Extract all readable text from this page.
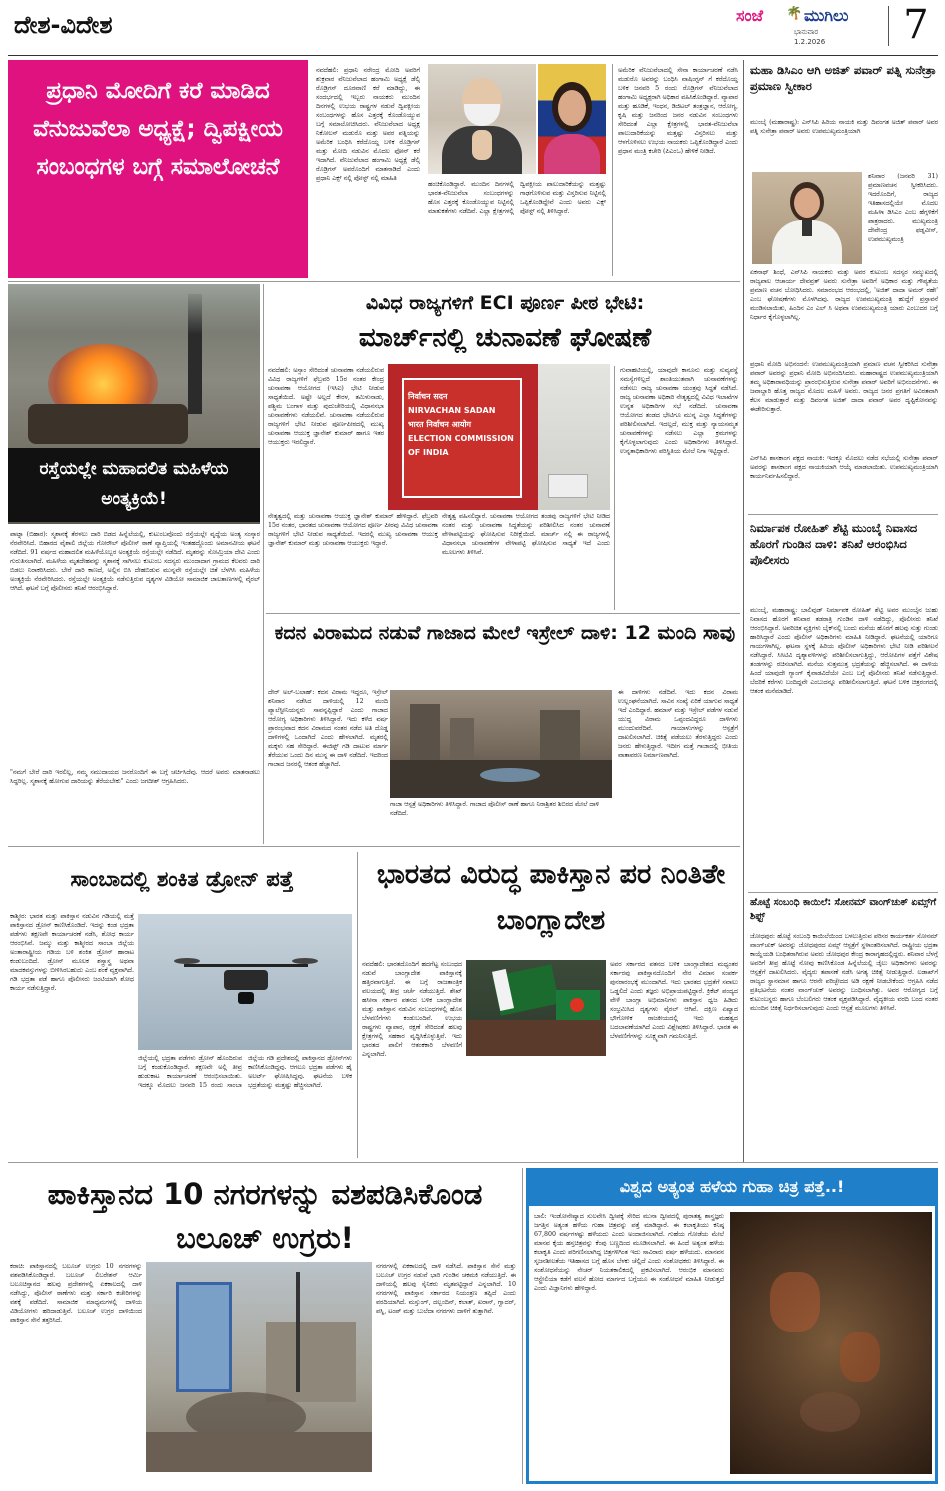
ದೇಶ-ವಿದೇಶ	ಸಂಜೆ 🌴 ಮುಗಿಲು
ಭಾನುವಾರ
1.2.2026 7
ಪ್ರಧಾನಿ ಮೋದಿಗೆ ಕರೆ ಮಾಡಿದ ವೆನುಜುವೆಲಾ ಅಧ್ಯಕ್ಷೆ; ದ್ವಿಪಕ್ಷೀಯ ಸಂಬಂಧಗಳ ಬಗ್ಗೆ ಸಮಾಲೋಚನೆ
ನವದೆಹಲಿ: ಪ್ರಧಾನಿ ನರೇಂದ್ರ ಮೋದಿ ಅವರಿಗೆ ಶುಕ್ರವಾರ ವೆನಿಜುವೆಲಾದ ಹಂಗಾಮಿ ಅಧ್ಯಕ್ಷೆ ಡೆಲ್ಸಿ ರೊಡ್ರಿಗಸ್ ದೂರವಾಣಿ ಕರೆ ಮಾಡಿದ್ದು, ಈ ಸಂದರ್ಭದಲ್ಲಿ ಇಬ್ಬರು ನಾಯಕರು ಮುಂದಿನ ದಿನಗಳಲ್ಲಿ ಉಭಯ ರಾಷ್ಟ್ರಗಳ ನಡುವೆ ದ್ವಿಪಕ್ಷೀಯ ಸಂಬಂಧಗಳನ್ನು ಹೊಸ ಎತ್ತರಕ್ಕೆ ಕೊಂಡೊಯ್ಯುವ ಬಗ್ಗೆ ಸಮಾಲೋಚಿಸಿದರು. ವೆನಿಜುವೆಲಾದ ಅಧ್ಯಕ್ಷ ನಿಕೋಲಸ್ ಮಡುರೊ ಮತ್ತು ಅವರ ಪತ್ನಿಯನ್ನು ಅಮೆರಿಕ ಬಂಧಿಸಿ ಕರೆದೊಯ್ದ ಬಳಿಕ ರೊಡ್ರಿಗಸ್ ಮತ್ತು ಮೋದಿ ನಡುವಿನ ಮೊದಲ ಫೋನ್ ಕರೆ ಇದಾಗಿದೆ. ವೆನಿಜುವೆಲಾದ ಹಂಗಾಮಿ ಅಧ್ಯಕ್ಷೆ ಡೆಲ್ಸಿ ರೊಡ್ರಿಗಸ್ ಅವರೊಂದಿಗೆ ಮಾತನಾಡಿದೆ ಎಂದು ಪ್ರಧಾನಿ ಎಕ್ಸ್ ನಲ್ಲಿ ಪೋಸ್ಟ್ ನಲ್ಲಿ ಮಾಹಿತಿ
ಹಂಚಿಕೊಂಡಿದ್ದಾರೆ. ಮುಂದಿನ ದಿನಗಳಲ್ಲಿ ಭಾರತ-ವೆನಿಜುವೆಲಾ ಸಂಬಂಧಗಳನ್ನು ಹೊಸ ಎತ್ತರಕ್ಕೆ ಕೊಂಡೊಯ್ಯುವ ನಿಟ್ಟಿನಲ್ಲಿ ಮಾತುಕತೆಗಳು ನಡೆದಿವೆ. ಎಲ್ಲಾ ಕ್ಷೇತ್ರಗಳಲ್ಲಿ ದ್ವಿಪಕ್ಷೀಯ ಪಾಲುದಾರಿಕೆಯನ್ನು ಮತ್ತಷ್ಟು ಗಾಢಗೊಳಿಸುವ ಮತ್ತು ವಿಸ್ತರಿಸುವ ನಿಟ್ಟಿನಲ್ಲಿ ಒಪ್ಪಿಕೊಂಡಿದ್ದೇವೆ ಎಂದು ಅವರು ಎಕ್ಸ್ ಪೋಸ್ಟ್ ನಲ್ಲಿ ತಿಳಿಸಿದ್ದಾರೆ.
ಅಮೆರಿಕ ವೆನಿಜುವೆಲಾದಲ್ಲಿ ಸೇನಾ ಕಾರ್ಯಾಚರಣೆ ನಡೆಸಿ ಮಡುರೊ ಅವರನ್ನು ಬಂಧಿಸಿ ವಾಷಿಂಗ್ಟನ್ ಗೆ ಕರೆದೊಯ್ದ ಬಳಿಕ ಜನವರಿ 5 ರಂದು ರೊಡ್ರಿಗಸ್ ವೆನಿಜುವೆಲಾದ ಹಂಗಾಮಿ ಅಧ್ಯಕ್ಷರಾಗಿ ಅಧಿಕಾರ ವಹಿಸಿಕೊಂಡಿದ್ದಾರೆ. ವ್ಯಾಪಾರ ಮತ್ತು ಹೂಡಿಕೆ, ಇಂಧನ, ಡಿಜಿಟಲ್ ತಂತ್ರಜ್ಞಾನ, ಆರೋಗ್ಯ, ಕೃಷಿ ಮತ್ತು ಜನರಿಂದ ಜನರ ನಡುವಿನ ಸಂಬಂಧಗಳು ಸೇರಿದಂತೆ ಎಲ್ಲಾ ಕ್ಷೇತ್ರಗಳಲ್ಲಿ ಭಾರತ-ವೆನಿಜುವೆಲಾ ಪಾಲುದಾರಿಕೆಯನ್ನು ಮತ್ತಷ್ಟು ವಿಸ್ತರಿಸಲು ಮತ್ತು ಆಳಗೊಳಿಸಲು ಉಭಯ ನಾಯಕರು ಒಪ್ಪಿಕೊಂಡಿದ್ದಾರೆ ಎಂದು ಪ್ರಧಾನ ಮಂತ್ರಿ ಕಚೇರಿ (ಪಿಎಂಒ) ಹೇಳಿಕೆ ನೀಡಿದೆ.
ಮಹಾ ಡಿಸಿಎಂ ಆಗಿ ಅಜಿತ್ ಪವಾರ್ ಪತ್ನಿ ಸುನೇತ್ರಾ ಪ್ರಮಾಣ ಸ್ವೀಕಾರ
ಮುಂಬೈ (ಮಹಾರಾಷ್ಟ್ರ): ಎನ್‌ಸಿಪಿ ಹಿರಿಯ ನಾಯಕಿ ಮತ್ತು ದಿವಂಗತ ಅಜಿತ್ ಪವಾರ್ ಅವರ ಪತ್ನಿ ಸುನೇತ್ರಾ ಪವಾರ್ ಅವರು ಉಪಮುಖ್ಯಮಂತ್ರಿಯಾಗಿ
ಶನಿವಾರ (ಜನವರಿ 31) ಪ್ರಮಾಣವಚನ ಸ್ವೀಕರಿಸಿದರು. ಇದರೊಂದಿಗೆ, ರಾಜ್ಯದ ಇತಿಹಾಸದಲ್ಲಿಯೇ ಮೊದಲ ಮಹಿಳಾ ಡಿಸಿಎಂ ಎಂಬ ಹೆಗ್ಗಳಿಕೆಗೆ ಪಾತ್ರರಾದರು. ಮುಖ್ಯಮಂತ್ರಿ ದೇವೇಂದ್ರ ಫಡ್ನವೀಸ್, ಉಪಮುಖ್ಯಮಂತ್ರಿ
ಏಕನಾಥ್ ಶಿಂಧೆ, ಎನ್‌ಸಿಪಿ ನಾಯಕರು ಮತ್ತು ಅವರ ಕುಟುಂಬ ಸದಸ್ಯರ ಸಮ್ಮುಖದಲ್ಲಿ ರಾಜ್ಯಪಾಲ ಆಚಾರ್ಯ ದೇವವ್ರತ್ ಅವರು ಸುನೇತ್ರಾ ಅವರಿಗೆ ಅಧಿಕಾರ ಮತ್ತು ಗೌಪ್ಯತೆಯ ಪ್ರಮಾಣ ವಚನ ಬೋಧಿಸಿದರು. ಸಮಾರಂಭದ ಆರಂಭದಲ್ಲಿ, 'ಅಜಿತ್ ದಾದಾ ಅಮರ್ ರಹೇ' ಎಂಬ ಘೋಷಣೆಗಳು ಮೊಳಗಿದವು. ರಾಜ್ಯದ ಉಪಮುಖ್ಯಮಂತ್ರಿ ಹುದ್ದೆಗೆ ಪ್ರಸ್ತಾವನೆ ಮಂಡಿಸಲಾಯಿತು, ಹಿಂದಿನ ಎಂ ಎಲ್ ಸಿ ಅಥವಾ ಉಪಮುಖ್ಯಮಂತ್ರಿ ಯಾರು ಎಂಬುದರ ಬಗ್ಗೆ ನಿರ್ಧಾರ ಕೈಗೊಳ್ಳಲಾಗಿಲ್ಲ.
ಪ್ರಧಾನಿ ಮೋದಿ ಅಭಿನಂದನೆ: ಉಪಮುಖ್ಯಮಂತ್ರಿಯಾಗಿ ಪ್ರಮಾಣ ವಚನ ಸ್ವೀಕರಿಸಿದ ಸುನೇತ್ರಾ ಪವಾರ್ ಅವರನ್ನು ಪ್ರಧಾನಿ ಮೋದಿ ಅಭಿನಂದಿಸಿದರು. ಮಹಾರಾಷ್ಟ್ರದ ಉಪಮುಖ್ಯಮಂತ್ರಿಯಾಗಿ ತಮ್ಮ ಅಧಿಕಾರಾವಧಿಯನ್ನು ಪ್ರಾರಂಭಿಸುತ್ತಿರುವ ಸುನೇತ್ರಾ ಪವಾರ್ ಅವರಿಗೆ ಅಭಿನಂದನೆಗಳು. ಈ ಜವಾಬ್ದಾರಿ ಹೊತ್ತ ರಾಜ್ಯದ ಮೊದಲ ಮಹಿಳೆ ಅವರು. ರಾಜ್ಯದ ಜನರ ಪ್ರಗತಿಗೆ ಅವಿರತವಾಗಿ ಕೆಲಸ ಮಾಡುತ್ತಾರೆ ಮತ್ತು ದಿವಂಗತ ಅಜಿತ್ ದಾದಾ ಪವಾರ್ ಅವರ ದೃಷ್ಟಿಕೋನವನ್ನು ಈಡೇರಿಸುತ್ತಾರೆ.
ಎನ್‌ಸಿಪಿ ಶಾಸಕಾಂಗ ಪಕ್ಷದ ನಾಯಕಿ: ಇದಕ್ಕೂ ಮೊದಲು ನಡೆದ ಸಭೆಯಲ್ಲಿ ಸುನೇತ್ರಾ ಪವಾರ್ ಅವರನ್ನು ಶಾಸಕಾಂಗ ಪಕ್ಷದ ನಾಯಕಿಯಾಗಿ ಆಯ್ಕೆ ಮಾಡಲಾಯಿತು. ಉಪಮುಖ್ಯಮಂತ್ರಿಯಾಗಿ ಕಾರ್ಯನಿರ್ವಹಿಸಲಿದ್ದಾರೆ.
ನಿರ್ಮಾಪಕ ರೋಹಿತ್ ಶೆಟ್ಟಿ ಮುಂಬೈ ನಿವಾಸದ ಹೊರಗೆ ಗುಂಡಿನ ದಾಳಿ: ತನಿಖೆ ಆರಂಭಿಸಿದ ಪೊಲೀಸರು
ಮುಂಬೈ, ಮಹಾರಾಷ್ಟ್ರ: ಬಾಲಿವುಡ್ ನಿರ್ಮಾಪಕ ರೋಹಿತ್ ಶೆಟ್ಟಿ ಅವರ ಮುಂಬೈನ ಜುಹು ನಿವಾಸದ ಹೊರಗೆ ಶನಿವಾರ ತಡರಾತ್ರಿ ಗುಂಡಿನ ದಾಳಿ ನಡೆದಿದ್ದು, ಪೊಲೀಸರು ತನಿಖೆ ಆರಂಭಿಸಿದ್ದಾರೆ. ಅಪರಿಚಿತ ವ್ಯಕ್ತಿಗಳು ಬೈಕ್‌ನಲ್ಲಿ ಬಂದು ಮನೆಯ ಹೊರಗೆ ಹಲವು ಸುತ್ತು ಗುಂಡು ಹಾರಿಸಿದ್ದಾರೆ ಎಂದು ಪೊಲೀಸ್ ಅಧಿಕಾರಿಗಳು ಮಾಹಿತಿ ನೀಡಿದ್ದಾರೆ. ಘಟನೆಯಲ್ಲಿ ಯಾರಿಗೂ ಗಾಯಗಳಾಗಿಲ್ಲ. ಘಟನಾ ಸ್ಥಳಕ್ಕೆ ಹಿರಿಯ ಪೊಲೀಸ್ ಅಧಿಕಾರಿಗಳು ಭೇಟಿ ನೀಡಿ ಪರಿಶೀಲನೆ ನಡೆಸಿದ್ದಾರೆ. ಸಿಸಿಟಿವಿ ದೃಶ್ಯಾವಳಿಗಳನ್ನು ಪರಿಶೀಲಿಸಲಾಗುತ್ತಿದ್ದು, ಆರೋಪಿಗಳ ಪತ್ತೆಗೆ ವಿಶೇಷ ತಂಡಗಳನ್ನು ರಚಿಸಲಾಗಿದೆ. ಮನೆಯ ಸುತ್ತಮುತ್ತ ಭದ್ರತೆಯನ್ನು ಹೆಚ್ಚಿಸಲಾಗಿದೆ. ಈ ದಾಳಿಯ ಹಿಂದೆ ಯಾವುದೇ ಗ್ಯಾಂಗ್ ಕೈವಾಡವಿದೆಯೇ ಎಂಬ ಬಗ್ಗೆ ಪೊಲೀಸರು ತನಿಖೆ ನಡೆಸುತ್ತಿದ್ದಾರೆ. ಬೆದರಿಕೆ ಕರೆಗಳು ಬಂದಿದ್ದವೇ ಎಂಬುದನ್ನೂ ಪರಿಶೀಲಿಸಲಾಗುತ್ತಿದೆ. ಘಟನೆ ಬಳಿಕ ಚಿತ್ರರಂಗದಲ್ಲಿ ಆತಂಕ ಮನೆಮಾಡಿದೆ.
ಹೊಟ್ಟೆ ಸಂಬಂಧಿ ಕಾಯಿಲೆ: ಸೋನಮ್ ವಾಂಗ್‌ಚುಕ್ ಏಮ್ಸ್‌ಗೆ ಶಿಫ್ಟ್
ಜೋಧಪುರ: ಹೊಟ್ಟೆ ಸಂಬಂಧಿ ಕಾಯಿಲೆಯಿಂದ ಬಳಲುತ್ತಿರುವ ಪರಿಸರ ಕಾರ್ಯಕರ್ತ ಸೋನಮ್ ವಾಂಗ್‌ಚುಕ್ ಅವರನ್ನು ಜೋಧಪುರದ ಏಮ್ಸ್ ಆಸ್ಪತ್ರೆಗೆ ಸ್ಥಳಾಂತರಿಸಲಾಗಿದೆ. ರಾಷ್ಟ್ರೀಯ ಭದ್ರತಾ ಕಾಯ್ದೆಯಡಿ ಬಂಧಿತರಾಗಿರುವ ಅವರು ಜೋಧಪುರ ಕೇಂದ್ರ ಕಾರಾಗೃಹದಲ್ಲಿದ್ದರು. ಶನಿವಾರ ಬೆಳಗ್ಗೆ ಅವರಿಗೆ ತೀವ್ರ ಹೊಟ್ಟೆ ನೋವು ಕಾಣಿಸಿಕೊಂಡ ಹಿನ್ನೆಲೆಯಲ್ಲಿ ಜೈಲು ಅಧಿಕಾರಿಗಳು ಅವರನ್ನು ಆಸ್ಪತ್ರೆಗೆ ದಾಖಲಿಸಿದರು. ವೈದ್ಯರು ತಪಾಸಣೆ ನಡೆಸಿ ಅಗತ್ಯ ಚಿಕಿತ್ಸೆ ನೀಡುತ್ತಿದ್ದಾರೆ. ಲಡಾಖ್‌ಗೆ ರಾಜ್ಯದ ಸ್ಥಾನಮಾನ ಹಾಗೂ ಆರನೇ ಪರಿಚ್ಛೇದದ ಅಡಿ ರಕ್ಷಣೆ ನೀಡಬೇಕೆಂದು ಆಗ್ರಹಿಸಿ ನಡೆದ ಪ್ರತಿಭಟನೆಯ ನಂತರ ವಾಂಗ್‌ಚುಕ್ ಅವರನ್ನು ಬಂಧಿಸಲಾಗಿತ್ತು. ಅವರ ಆರೋಗ್ಯದ ಬಗ್ಗೆ ಕುಟುಂಬಸ್ಥರು ಹಾಗೂ ಬೆಂಬಲಿಗರು ಆತಂಕ ವ್ಯಕ್ತಪಡಿಸಿದ್ದಾರೆ. ವೈದ್ಯಕೀಯ ವರದಿ ಬಂದ ನಂತರ ಮುಂದಿನ ಚಿಕಿತ್ಸೆ ನಿರ್ಧರಿಸಲಾಗುವುದು ಎಂದು ಆಸ್ಪತ್ರೆ ಮೂಲಗಳು ತಿಳಿಸಿವೆ.
ರಸ್ತೆಯಲ್ಲೇ ಮಹಾದಲಿತ ಮಹಿಳೆಯ ಅಂತ್ಯಕ್ರಿಯೆ!
ಪಾಟ್ನಾ (ಬಿಹಾರ): ಸ್ಮಶಾನಕ್ಕೆ ತೆರಳಲು ದಾರಿ ಬಿಡದ ಹಿನ್ನೆಲೆಯಲ್ಲಿ, ಕುಟುಂಬವೊಂದು ರಸ್ತೆಯಲ್ಲೇ ವೃದ್ಧೆಯ ಅಂತ್ಯ ಸಂಸ್ಕಾರ ನೆರವೇರಿಸಿದೆ. ಬಿಹಾರದ ವೈಶಾಲಿ ಜಿಲ್ಲೆಯ ಗೋರೌಲ್ ಪೊಲೀಸ್ ಠಾಣೆ ವ್ಯಾಪ್ತಿಯಲ್ಲಿ ಇಂತಹದ್ದೊಂದು ಅಮಾನವೀಯ ಘಟನೆ ನಡೆದಿದೆ. 91 ವರ್ಷದ ಮಹಾದಲಿತ ಮಹಿಳೆಯೊಬ್ಬರ ಅಂತ್ಯಕ್ರಿಯೆ ರಸ್ತೆಯಲ್ಲೇ ನಡೆದಿದೆ. ಮೃತರನ್ನು ಸೋಮ್ರಿಯಾ ದೇವಿ ಎಂದು ಗುರುತಿಸಲಾಗಿದೆ. ಮಹಿಳೆಯ ಮೃತದೇಹವನ್ನು ಸ್ಮಶಾನಕ್ಕೆ ಸಾಗಿಸಲು ಕುಟುಂಬ ಸದಸ್ಯರು ಮುಂದಾದಾಗ ಗ್ರಾಮದ ಕೆಲವರು ದಾರಿ ಬಿಡಲು ನಿರಾಕರಿಸಿದರು. ಬೇರೆ ದಾರಿ ಕಾಣದೆ, ಅಲ್ಲಿನ ಬಿಸಿ ದೇಹಬಿಡುವ ಮುನ್ನವೇ ರಸ್ತೆಯಲ್ಲೇ ಚಿತೆ ಬೆಳಗಿಸಿ ಮಹಿಳೆಯ ಅಂತ್ಯಕ್ರಿಯೆ ನೆರವೇರಿಸಿದರು. ರಸ್ತೆಯಲ್ಲೇ ಅಂತ್ಯಕ್ರಿಯೆ ನಡೆಸುತ್ತಿರುವ ದೃಶ್ಯಗಳ ವಿಡಿಯೋ ಸಾಮಾಜಿಕ ಜಾಲತಾಣಗಳಲ್ಲಿ ವೈರಲ್ ಆಗಿದೆ. ಘಟನೆ ಬಗ್ಗೆ ಪೊಲೀಸರು ತನಿಖೆ ಆರಂಭಿಸಿದ್ದಾರೆ.
"ನಮಗೆ ಬೇರೆ ದಾರಿ ಇರಲಿಲ್ಲ, ನಮ್ಮ ಸಮುದಾಯದ ಜನರೊಂದಿಗೆ ಈ ಬಗ್ಗೆ ಚರ್ಚಿಸಿದೆವು. ಆದರೆ ಅವರು ಮಾತನಾಡಲು ಸಿದ್ಧರಿಲ್ಲ. ಸ್ಮಶಾನಕ್ಕೆ ಹೋಗುವ ದಾರಿಯನ್ನು ತೆರೆಯಬೇಕು" ಎಂದು ಜಗದೀಶ್ ಆಗ್ರಹಿಸಿದರು.
ವಿವಿಧ ರಾಜ್ಯಗಳಿಗೆ ECI ಪೂರ್ಣ ಪೀಠ ಭೇಟಿ:
ಮಾರ್ಚ್‌ನಲ್ಲಿ ಚುನಾವಣೆ ಘೋಷಣೆ
ನವದೆಹಲಿ: ಅಸ್ಸಾಂ ಸೇರಿದಂತೆ ಚುನಾವಣಾ ನಡೆಯಲಿರುವ ವಿವಿಧ ರಾಜ್ಯಗಳಿಗೆ ಫೆಬ್ರವರಿ 15ರ ನಂತರ ಕೇಂದ್ರ ಚುನಾವಣಾ ಆಯೋಗದ (ಇಸಿಐ) ಭೇಟಿ ನೀಡುವ ಸಾಧ್ಯತೆಯಿದೆ. ಅಷ್ಟೇ ಅಲ್ಲದೆ ಕೇರಳ, ತಮಿಳುನಾಡು, ಪಶ್ಚಿಮ ಬಂಗಾಳ ಮತ್ತು ಪುದುಚೇರಿಯಲ್ಲಿ ವಿಧಾನಸಭಾ ಚುನಾವಣೆಗಳು ನಡೆಯಲಿವೆ. ಚುನಾವಣಾ ನಡೆಯಲಿರುವ ರಾಜ್ಯಗಳಿಗೆ ಭೇಟಿ ನೀಡುವ ಪೂರ್ಣಪೀಠದಲ್ಲಿ ಮುಖ್ಯ ಚುನಾವಣಾ ಆಯುಕ್ತ ಜ್ಞಾನೇಶ್ ಕುಮಾರ್ ಹಾಗೂ ಇತರ ಆಯುಕ್ತರು ಇರಲಿದ್ದಾರೆ.
निर्वाचन सदन
NIRVACHAN SADAN
भारत निर्वाचन आयोग
ELECTION COMMISSION
OF INDIA
ನೇತೃತ್ವದಲ್ಲಿ ಮತ್ತು ಚುನಾವಣಾ ಆಯುಕ್ತ ಜ್ಞಾನೇಶ್ ಕುಮಾರ್ ಹೇಳಿದ್ದಾರೆ. ಫೆಬ್ರವರಿ 15ರ ನಂತರ, ಭಾರತದ ಚುನಾವಣಾ ಆಯೋಗದ ಪೂರ್ಣ ಪೀಠವು ವಿವಿಧ ಚುನಾವಣಾ ರಾಜ್ಯಗಳಿಗೆ ಭೇಟಿ ನೀಡುವ ಸಾಧ್ಯತೆಯಿದೆ. ಇದರಲ್ಲಿ ಮುಖ್ಯ ಚುನಾವಣಾ ಆಯುಕ್ತ ಜ್ಞಾನೇಶ್ ಕುಮಾರ್ ಮತ್ತು ಚುನಾವಣಾ ಆಯುಕ್ತರು ಇದ್ದಾರೆ.
ನೇತೃತ್ವ ವಹಿಸಲಿದ್ದಾರೆ. ಚುನಾವಣಾ ಆಯೋಗದ ತಂಡವು ರಾಜ್ಯಗಳಿಗೆ ಭೇಟಿ ನೀಡಿದ ನಂತರ ಮತ್ತು ಚುನಾವಣಾ ಸಿದ್ಧತೆಯನ್ನು ಪರಿಶೀಲಿಸಿದ ನಂತರ ಚುನಾವಣೆ ವೇಳಾಪಟ್ಟಿಯನ್ನು ಘೋಷಿಸುವ ನಿರೀಕ್ಷೆಯಿದೆ. ಮಾರ್ಚ್ ನಲ್ಲಿ ಈ ರಾಜ್ಯಗಳಲ್ಲಿ ವಿಧಾನಸಭಾ ಚುನಾವಣೆಗಳ ವೇಳಾಪಟ್ಟಿ ಘೋಷಿಸುವ ಸಾಧ್ಯತೆ ಇದೆ ಎಂದು ಮೂಲಗಳು ತಿಳಿಸಿವೆ.
ಗುವಾಹಟಿಯಲ್ಲಿ, ಯಾವುದೇ ಕಾನೂನು ಮತ್ತು ಸುವ್ಯವಸ್ಥೆ ಸಮಸ್ಯೆಗಳಿಲ್ಲದೆ ಶಾಂತಿಯುತವಾಗಿ ಚುನಾವಣೆಗಳನ್ನು ನಡೆಸಲು ರಾಜ್ಯ ಚುನಾವಣಾ ಯಂತ್ರವು ಸಿದ್ಧತೆ ನಡೆಸಿದೆ. ರಾಜ್ಯ ಚುನಾವಣಾ ಅಧಿಕಾರಿ ನೇತೃತ್ವದಲ್ಲಿ ವಿವಿಧ ಇಲಾಖೆಗಳ ಉನ್ನತ ಅಧಿಕಾರಿಗಳ ಸಭೆ ನಡೆದಿದೆ. ಚುನಾವಣಾ ಆಯೋಗದ ತಂಡದ ಭೇಟಿಗೂ ಮುನ್ನ ಎಲ್ಲಾ ಸಿದ್ಧತೆಗಳನ್ನು ಪರಿಶೀಲಿಸಲಾಗಿದೆ. ಇದಲ್ಲದೆ, ಮುಕ್ತ ಮತ್ತು ನ್ಯಾಯಸಮ್ಮತ ಚುನಾವಣೆಗಳನ್ನು ನಡೆಸಲು ಎಲ್ಲಾ ಕ್ರಮಗಳನ್ನು ಕೈಗೊಳ್ಳಲಾಗುವುದು ಎಂದು ಅಧಿಕಾರಿಗಳು ತಿಳಿಸಿದ್ದಾರೆ. ಉನ್ನತಾಧಿಕಾರಿಗಳು ಪರಿಸ್ಥಿತಿಯ ಮೇಲೆ ನಿಗಾ ಇಟ್ಟಿದ್ದಾರೆ.
ಕದನ ವಿರಾಮದ ನಡುವೆ ಗಾಜಾದ ಮೇಲೆ ಇಸ್ರೇಲ್ ದಾಳಿ: 12 ಮಂದಿ ಸಾವು
ದೇರ್ ಅಲ್-ಬಲಾಹ್: ಕದನ ವಿರಾಮ ಇದ್ದರೂ, ಇಸ್ರೇಲ್ ಶನಿವಾರ ನಡೆಸಿದ ದಾಳಿಯಲ್ಲಿ 12 ಮಂದಿ ಪ್ಯಾಲೆಸ್ಟೀನಿಯನ್ನರು ಸಾವನ್ನಪ್ಪಿದ್ದಾರೆ ಎಂದು ಗಾಜಾದ ಆರೋಗ್ಯ ಅಧಿಕಾರಿಗಳು ತಿಳಿಸಿದ್ದಾರೆ. ಇದು ಕಳೆದ ವರ್ಷ ಪ್ರಾರಂಭವಾದ ಕದನ ವಿರಾಮದ ನಂತರ ನಡೆದ ಅತಿ ದೊಡ್ಡ ದಾಳಿಗಳಲ್ಲಿ ಒಂದಾಗಿದೆ ಎಂದು ಹೇಳಲಾಗಿದೆ. ಮೃತರಲ್ಲಿ ಮಕ್ಕಳು ಸಹ ಸೇರಿದ್ದಾರೆ. ಈಜಿಪ್ಟ್ ಗಡಿ ದಾಟುವ ಮಾರ್ಗ ತೆರೆಯುವ ಒಂದು ದಿನ ಮುನ್ನ ಈ ದಾಳಿ ನಡೆದಿದೆ. ಇದರಿಂದ ಗಾಜಾದ ಜನರಲ್ಲಿ ಆತಂಕ ಹೆಚ್ಚಾಗಿದೆ.
ಗಾಜಾ ಆಸ್ಪತ್ರೆ ಅಧಿಕಾರಿಗಳು ತಿಳಿಸಿದ್ದಾರೆ. ಗಾಜಾದ ಪೊಲೀಸ್ ಠಾಣೆ ಹಾಗೂ ನಿರಾಶ್ರಿತರ ಶಿಬಿರದ ಮೇಲೆ ದಾಳಿ ನಡೆದಿದೆ.
ಈ ದಾಳಿಗಳು ನಡೆದಿವೆ. ಇದು ಕದನ ವಿರಾಮ ಉಲ್ಲಂಘನೆಯಾಗಿದೆ. ಸಾವಿನ ಸಂಖ್ಯೆ ಏರಿಕೆ ಯಾಗುವ ಸಾಧ್ಯತೆ ಇದೆ ಎಂದಿದ್ದಾರೆ. ಹಮಾಸ್ ಮತ್ತು ಇಸ್ರೇಲ್ ಪಡೆಗಳ ನಡುವೆ ಯುದ್ಧ ವಿರಾಮ ಒಪ್ಪಂದವಿದ್ದರೂ ದಾಳಿಗಳು ಮುಂದುವರೆದಿವೆ. ಗಾಯಾಳುಗಳನ್ನು ಆಸ್ಪತ್ರೆಗೆ ದಾಖಲಿಸಲಾಗಿದೆ. ಚಿಕಿತ್ಸೆ ಪಡೆಯಲು ತೆರಳುತ್ತಿದ್ದರು ಎಂದು ಜನರು ಹೇಳುತ್ತಿದ್ದಾರೆ. ಇದೀಗ ಮತ್ತೆ ಗಾಜಾದಲ್ಲಿ ಭೀತಿಯ ವಾತಾವರಣ ನಿರ್ಮಾಣವಾಗಿದೆ.
ಸಾಂಬಾದಲ್ಲಿ ಶಂಕಿತ ಡ್ರೋನ್ ಪತ್ತೆ
ಕಾಶ್ಮೀರ: ಭಾರತ ಮತ್ತು ಪಾಕಿಸ್ತಾನ ನಡುವಿನ ಗಡಿಯಲ್ಲಿ ಮತ್ತೆ ಪಾಕಿಸ್ತಾನದ ಡ್ರೋನ್ ಕಾಣಿಸಿಕೊಂಡಿದೆ. ಇದನ್ನು ಕಂಡ ಭದ್ರತಾ ಪಡೆಗಳು ತಕ್ಷಣವೇ ಕಾರ್ಯಾಚರಣೆ ನಡೆಸಿ, ಶೋಧ ಕಾರ್ಯ ಆರಂಭಿಸಿವೆ. ಜಮ್ಮು ಮತ್ತು ಕಾಶ್ಮೀರದ ಸಾಂಬಾ ಜಿಲ್ಲೆಯ ಅಂತಾರಾಷ್ಟ್ರೀಯ ಗಡಿಯ ಬಳಿ ಶಂಕಿತ ಡ್ರೋನ್ ಹಾರಾಟ ಕಂಡುಬಂದಿದೆ. ಡ್ರೋನ್ ಮೂಲಕ ಶಸ್ತ್ರಾಸ್ತ್ರ ಅಥವಾ ಮಾದಕವಸ್ತುಗಳನ್ನು ಬೀಳಿಸಿರಬಹುದು ಎಂಬ ಶಂಕೆ ವ್ಯಕ್ತವಾಗಿದೆ. ಗಡಿ ಭದ್ರತಾ ಪಡೆ ಹಾಗೂ ಪೊಲೀಸರು ಜಂಟಿಯಾಗಿ ಶೋಧ ಕಾರ್ಯ ನಡೆಸುತ್ತಿದ್ದಾರೆ.
ಜಿಲ್ಲೆಯಲ್ಲಿ ಭದ್ರತಾ ಪಡೆಗಳು ಡ್ರೋನ್ ಹೊಂದಿರುವ ಬಗ್ಗೆ ಕಂಡುಕೊಂಡಿದ್ದಾರೆ. ತಕ್ಷಣವೇ ಅಲ್ಲಿ ತೀವ್ರ ಹುಡುಕಾಟ ಕಾರ್ಯಾಚರಣೆ ಆರಂಭಿಸಲಾಯಿತು. ಇದಕ್ಕೂ ಮೊದಲು ಜನವರಿ 15 ರಂದು ಸಾಂಬಾ ಜಿಲ್ಲೆಯ ಗಡಿ ಪ್ರದೇಶದಲ್ಲಿ ಪಾಕಿಸ್ತಾನದ ಡ್ರೋನ್‌ಗಳು ಕಾಣಿಸಿಕೊಂಡಿದ್ದವು. ಆಗಲೂ ಭದ್ರತಾ ಪಡೆಗಳು ಹೈ ಅಲರ್ಟ್ ಘೋಷಿಸಿದ್ದವು. ಘಟನೆಯ ಬಳಿಕ ಭದ್ರತೆಯನ್ನು ಮತ್ತಷ್ಟು ಹೆಚ್ಚಿಸಲಾಗಿದೆ.
ಭಾರತದ ವಿರುದ್ಧ ಪಾಕಿಸ್ತಾನ ಪರ ನಿಂತಿತೇ ಬಾಂಗ್ಲಾದೇಶ
ನವದೆಹಲಿ: ಭಾರತದೊಂದಿಗೆ ಹದಗೆಟ್ಟ ಸಂಬಂಧದ ನಡುವೆ ಬಾಂಗ್ಲಾದೇಶ ಪಾಕಿಸ್ತಾನಕ್ಕೆ ಹತ್ತಿರವಾಗುತ್ತಿದೆ. ಈ ಬಗ್ಗೆ ರಾಜತಾಂತ್ರಿಕ ವಲಯದಲ್ಲಿ ತೀವ್ರ ಚರ್ಚೆ ನಡೆಯುತ್ತಿದೆ. ಶೇಖ್ ಹಸೀನಾ ಸರ್ಕಾರ ಪತನದ ಬಳಿಕ ಬಾಂಗ್ಲಾದೇಶ ಮತ್ತು ಪಾಕಿಸ್ತಾನ ನಡುವಿನ ಸಂಬಂಧಗಳಲ್ಲಿ ಹೊಸ ಬೆಳವಣಿಗೆಗಳು ಕಂಡುಬಂದಿವೆ. ಉಭಯ ರಾಷ್ಟ್ರಗಳು ವ್ಯಾಪಾರ, ರಕ್ಷಣೆ ಸೇರಿದಂತೆ ಹಲವು ಕ್ಷೇತ್ರಗಳಲ್ಲಿ ಸಹಕಾರ ವೃದ್ಧಿಸಿಕೊಳ್ಳುತ್ತಿವೆ. ಇದು ಭಾರತದ ಪಾಲಿಗೆ ಆತಂಕಕಾರಿ ಬೆಳವಣಿಗೆ ಎನ್ನಲಾಗಿದೆ.
ಅವರ ಸರ್ಕಾರದ ಪತನದ ಬಳಿಕ ಬಾಂಗ್ಲಾದೇಶದ ಮಧ್ಯಂತರ ಸರ್ಕಾರವು ಪಾಕಿಸ್ತಾನದೊಂದಿಗೆ ನೇರ ವಿಮಾನ ಸಂಪರ್ಕ ಪುನರಾರಂಭಕ್ಕೆ ಮುಂದಾಗಿದೆ. ಇದು ಭಾರತದ ಭದ್ರತೆಗೆ ಸವಾಲು ಒಡ್ಡಲಿದೆ ಎಂದು ತಜ್ಞರು ಅಭಿಪ್ರಾಯಪಟ್ಟಿದ್ದಾರೆ. ಕ್ರಿಕೆಟ್ ಪಂದ್ಯದ ವೇಳೆ ಬಾಂಗ್ಲಾ ಅಭಿಮಾನಿಗಳು ಪಾಕಿಸ್ತಾನ ಧ್ವಜ ಹಿಡಿದು ಸಂಭ್ರಮಿಸಿದ ದೃಶ್ಯಗಳು ವೈರಲ್ ಆಗಿವೆ. ದಕ್ಷಿಣ ಏಷ್ಯಾದ ಭೌಗೋಳಿಕ ರಾಜಕೀಯದಲ್ಲಿ ಇದು ಮಹತ್ವದ ಬದಲಾವಣೆಯಾಗಿದೆ ಎಂದು ವಿಶ್ಲೇಷಕರು ತಿಳಿಸಿದ್ದಾರೆ. ಭಾರತ ಈ ಬೆಳವಣಿಗೆಗಳನ್ನು ಸೂಕ್ಷ್ಮವಾಗಿ ಗಮನಿಸುತ್ತಿದೆ.
ಪಾಕಿಸ್ತಾನದ 10 ನಗರಗಳನ್ನು ವಶಪಡಿಸಿಕೊಂಡ ಬಲೂಚ್ ಉಗ್ರರು!
ಕರಾಚಿ: ಪಾಕಿಸ್ತಾನದಲ್ಲಿ ಬಲೂಚ್ ಉಗ್ರರು 10 ನಗರಗಳನ್ನು ವಶಪಡಿಸಿಕೊಂಡಿದ್ದಾರೆ. ಬಲೂಚ್ ಲಿಬರೇಶನ್ ಆರ್ಮಿ ಬಲೂಚಿಸ್ತಾನದ ಹಲವು ಪ್ರದೇಶಗಳಲ್ಲಿ ಏಕಕಾಲದಲ್ಲಿ ದಾಳಿ ನಡೆಸಿದ್ದು, ಪೊಲೀಸ್ ಠಾಣೆಗಳು ಮತ್ತು ಸರ್ಕಾರಿ ಕಚೇರಿಗಳನ್ನು ವಶಕ್ಕೆ ಪಡೆದಿದೆ. ಸಾಮಾಜಿಕ ಮಾಧ್ಯಮಗಳಲ್ಲಿ ದಾಳಿಯ ವಿಡಿಯೋಗಳು ಹರಿದಾಡುತ್ತಿವೆ. ಬಲೂಚ್ ಉಗ್ರರ ದಾಳಿಯಿಂದ ಪಾಕಿಸ್ತಾನ ಸೇನೆ ತತ್ತರಿಸಿದೆ.
ನಗರಗಳಲ್ಲಿ ಏಕಕಾಲದಲ್ಲಿ ದಾಳಿ ನಡೆಸಿದೆ. ಪಾಕಿಸ್ತಾನ ಸೇನೆ ಮತ್ತು ಬಲೂಚ್ ಉಗ್ರರ ನಡುವೆ ಭಾರಿ ಗುಂಡಿನ ಚಕಮಕಿ ನಡೆಯುತ್ತಿದೆ. ಈ ದಾಳಿಯಲ್ಲಿ ಹಲವು ಸೈನಿಕರು ಮೃತಪಟ್ಟಿದ್ದಾರೆ ಎನ್ನಲಾಗಿದೆ. 10 ನಗರಗಳಲ್ಲಿ ಪಾಕಿಸ್ತಾನ ಸರ್ಕಾರದ ನಿಯಂತ್ರಣ ತಪ್ಪಿದೆ ಎಂದು ವರದಿಯಾಗಿದೆ. ಮಸ್ತುಂಗ್, ದಲ್ಬಂದಿನ್, ಕಲಾತ್, ಖರಾನ್, ಗ್ವಾದರ್, ಪಸ್ನಿ, ಟಂಪ್ ಮತ್ತು ಬುಲೆದಾ ನಗರಗಳು ದಾಳಿಗೆ ತುತ್ತಾಗಿವೆ.
ವಿಶ್ವದ ಅತ್ಯಂತ ಹಳೆಯ ಗುಹಾ ಚಿತ್ರ ಪತ್ತೆ..!
ಬಾಲಿ: ಇಂಡೋನೇಷ್ಯಾದ ಸುಲವೇಸಿ ದ್ವೀಪಕ್ಕೆ ಸೇರಿದ ಮುನಾ ದ್ವೀಪದಲ್ಲಿ ಪುರಾತತ್ವ ಶಾಸ್ತ್ರಜ್ಞರು ಜಗತ್ತಿನ ಅತ್ಯಂತ ಹಳೆಯ ಗುಹಾ ಚಿತ್ರವನ್ನು ಪತ್ತೆ ಮಾಡಿದ್ದಾರೆ. ಈ ಕಲಾಕೃತಿಯು ಕನಿಷ್ಠ 67,800 ವರ್ಷಗಳಷ್ಟು ಹಳೆಯದು ಎಂದು ಅಂದಾಜಿಸಲಾಗಿದೆ. ಗುಹೆಯ ಗೋಡೆಯ ಮೇಲೆ ಮಾನವ ಕೈಯ ಹಸ್ತಚಿತ್ರವನ್ನು ಕೆಂಪು ಬಣ್ಣದಿಂದ ಮೂಡಿಸಲಾಗಿದೆ. ಈ ಹಿಂದೆ ಅತ್ಯಂತ ಹಳೆಯ ಕಲಾಕೃತಿ ಎಂದು ಪರಿಗಣಿಸಲಾಗಿದ್ದ ಚಿತ್ರಗಳಿಗಿಂತ ಇದು ಸಾವಿರಾರು ವರ್ಷ ಹಳೆಯದು. ಮಾನವನ ಸೃಜನಶೀಲತೆಯ ಇತಿಹಾಸದ ಬಗ್ಗೆ ಹೊಸ ಬೆಳಕು ಚೆಲ್ಲಿದೆ ಎಂದು ಸಂಶೋಧಕರು ತಿಳಿಸಿದ್ದಾರೆ. ಈ ಸಂಶೋಧನೆಯನ್ನು ನೇಚರ್ ನಿಯತಕಾಲಿಕದಲ್ಲಿ ಪ್ರಕಟಿಸಲಾಗಿದೆ. ಆರಂಭಿಕ ಮಾನವರು ಆಸ್ಟ್ರೇಲಿಯಾ ಕಡೆಗೆ ವಲಸೆ ಹೋದ ಮಾರ್ಗದ ಬಗ್ಗೆಯೂ ಈ ಸಂಶೋಧನೆ ಮಾಹಿತಿ ನೀಡುತ್ತದೆ ಎಂದು ವಿಜ್ಞಾನಿಗಳು ಹೇಳಿದ್ದಾರೆ.
